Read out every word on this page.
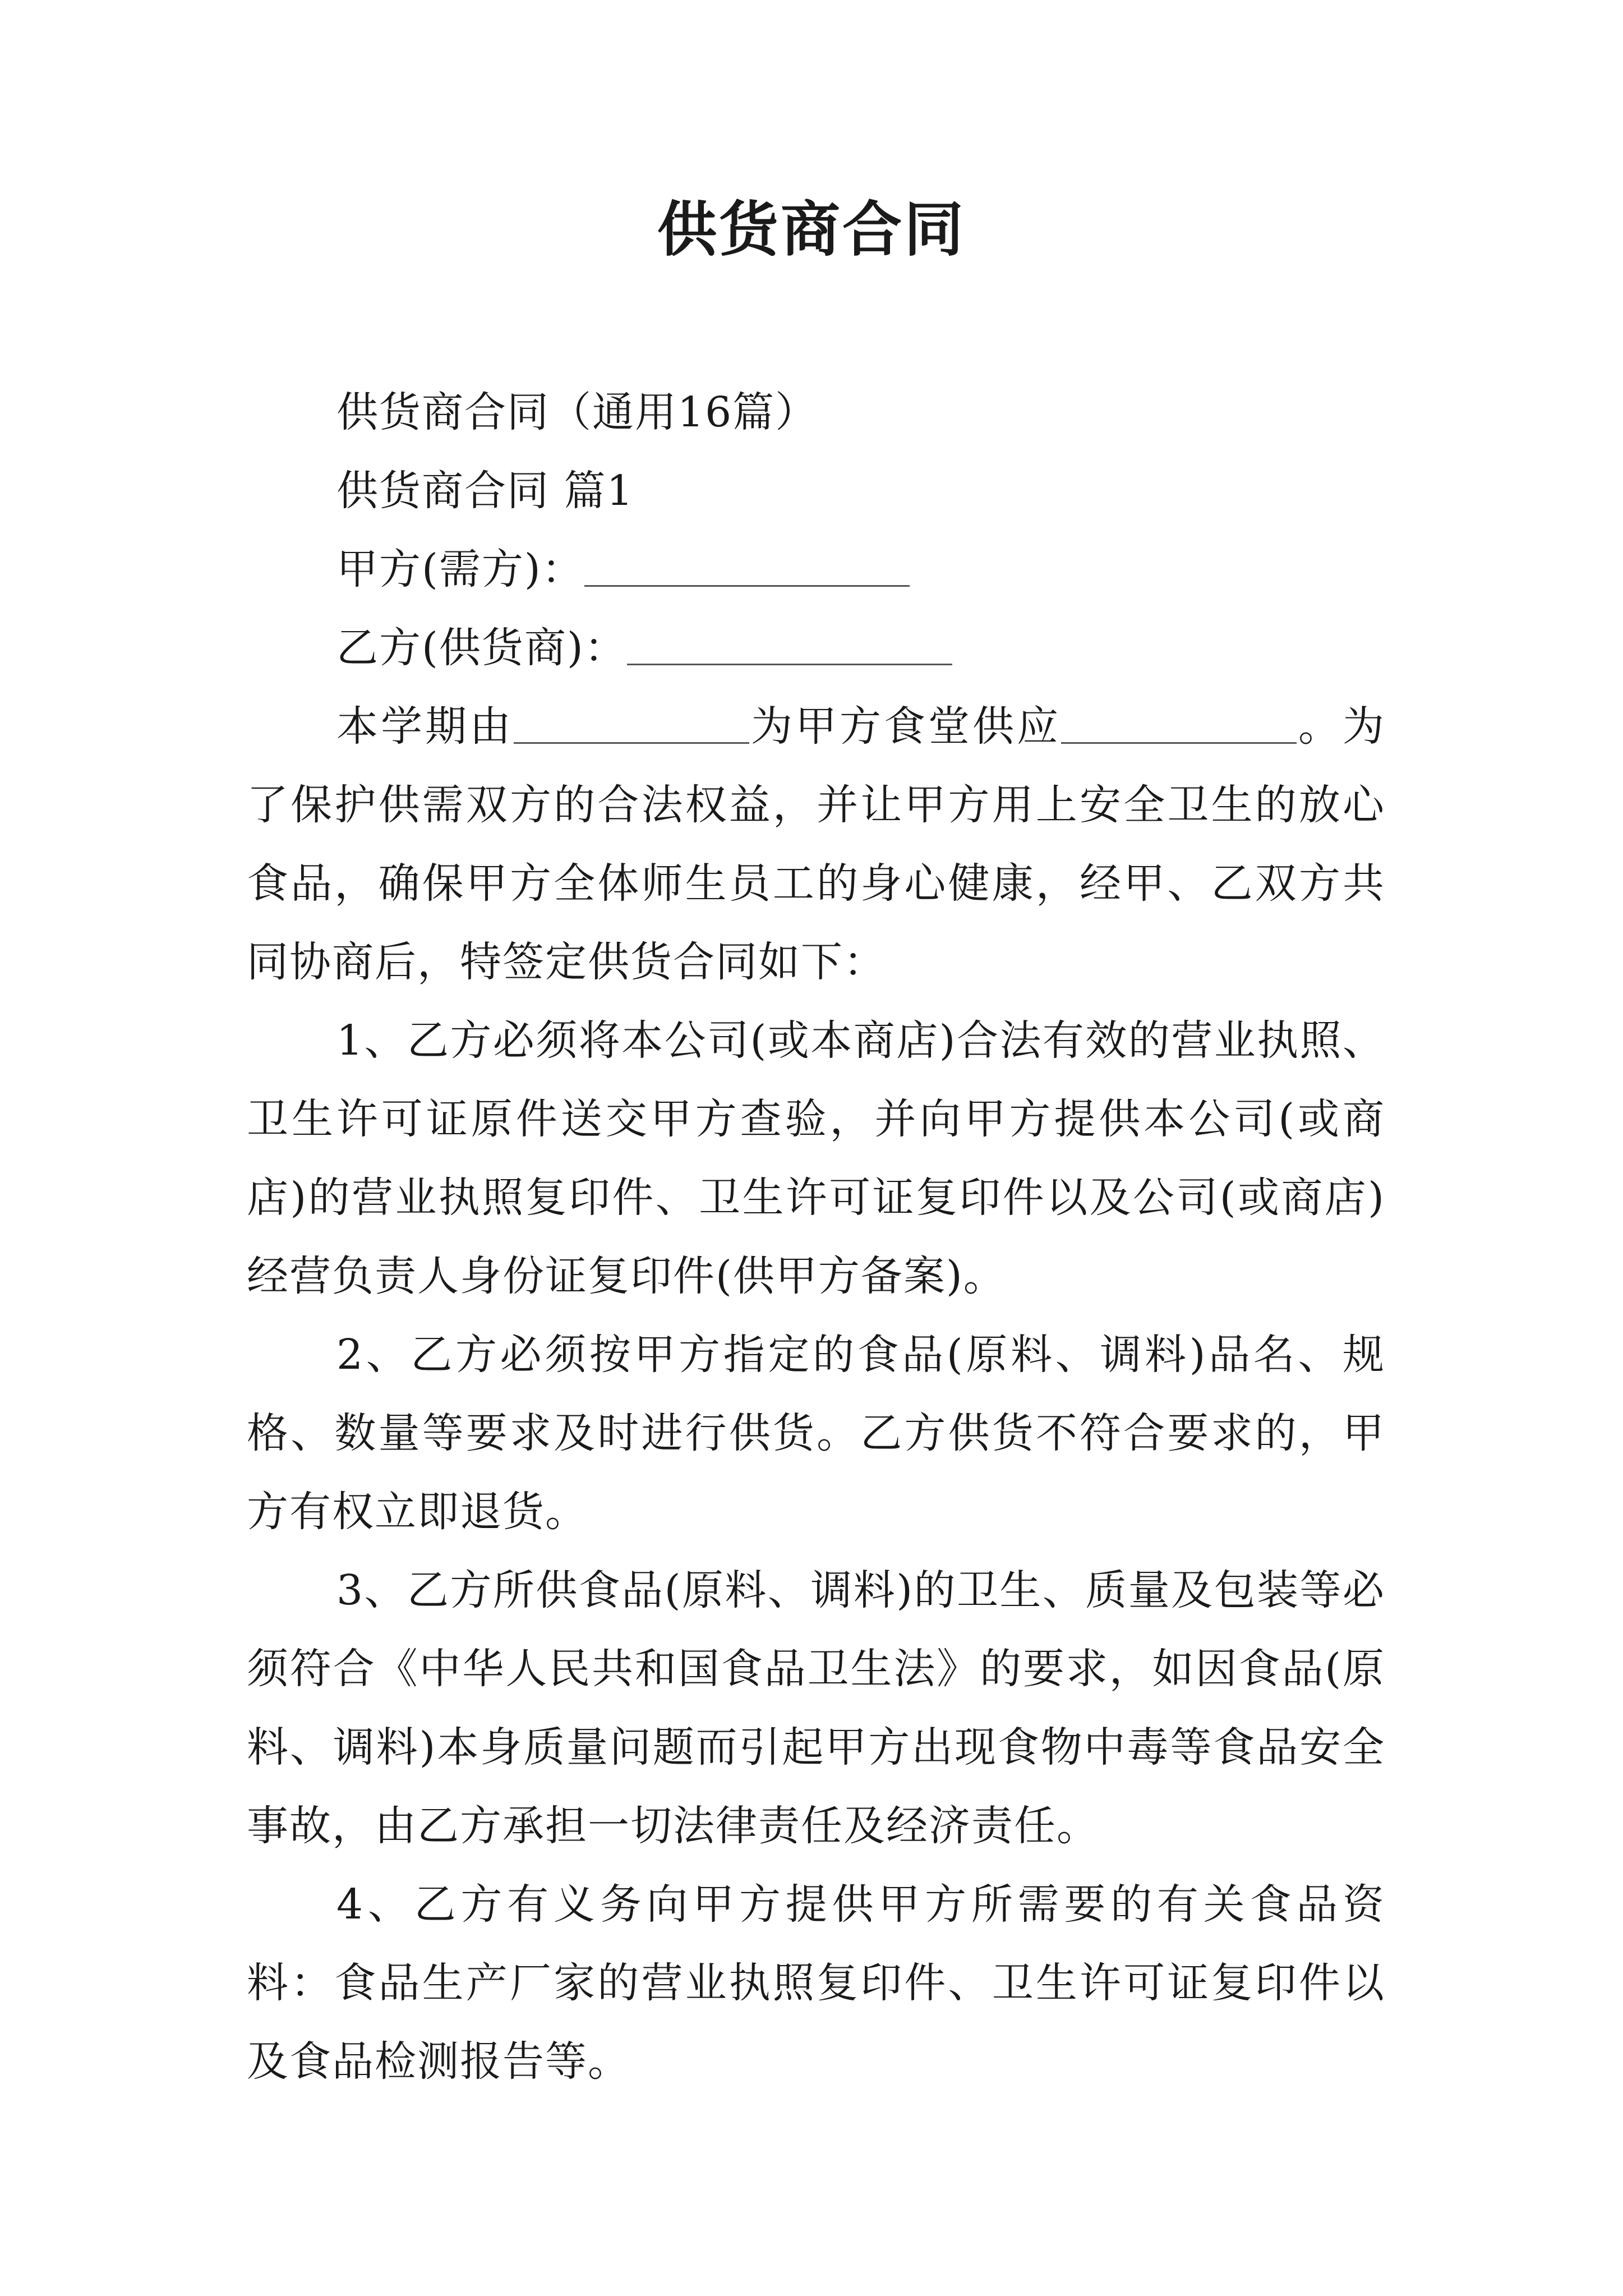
供货商合同

供货商合同（通用16篇）

供货商合同 篇1

甲方(需方)：

乙方(供货商)：

本学期由	为甲方食堂供应	。为了保护供需双方的合法权益，并让甲方用上安全卫生的放心食品，确保甲方全体师生员工的身心健康，经甲、乙双方共同协商后，特签定供货合同如下：

1、乙方必须将本公司(或本商店)合法有效的营业执照、卫生许可证原件送交甲方查验，并向甲方提供本公司(或商店)的营业执照复印件、卫生许可证复印件以及公司(或商店)经营负责人身份证复印件(供甲方备案)。

2、乙方必须按甲方指定的食品(原料、调料)品名、规格、数量等要求及时进行供货。乙方供货不符合要求的，甲方有权立即退货。

3、乙方所供食品(原料、调料)的卫生、质量及包装等必须符合《中华人民共和国食品卫生法》的要求，如因食品(原料、调料)本身质量问题而引起甲方出现食物中毒等食品安全事故，由乙方承担一切法律责任及经济责任。

4、乙方有义务向甲方提供甲方所需要的有关食品资料：食品生产厂家的营业执照复印件、卫生许可证复印件以及食品检测报告等。
